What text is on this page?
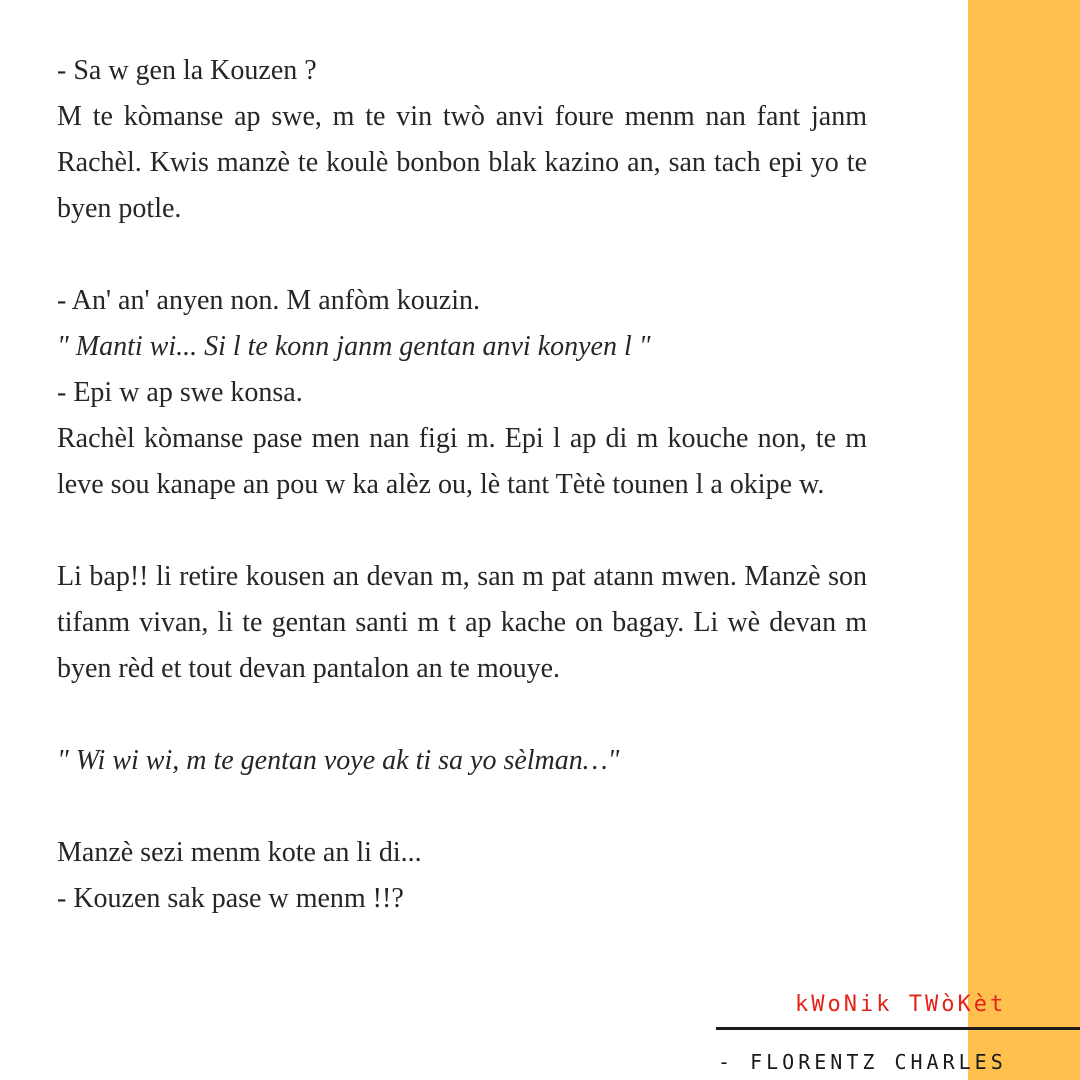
- Sa w gen la Kouzen ?

M te kòmanse ap swe, m te vin twò anvi foure menm nan fant janm Rachèl. Kwis manzè te koulè bonbon blak kazino an, san tach epi yo te byen potle.

- An' an' anyen non. M anfòm kouzin.

" Manti wi... Si l te konn janm gentan anvi konyen l "

- Epi w ap swe konsa.

Rachèl kòmanse pase men nan figi m. Epi l ap di m kouche non, te m leve sou kanape an pou w ka alèz ou, lè tant Tètè tounen l a okipe w.

Li bap!! li retire kousen an devan m, san m pat atann mwen. Manzè son tifanm vivan, li te gentan santi m t ap kache on bagay. Li wè devan m byen rèd et tout devan pantalon an te mouye.

" Wi wi wi, m te gentan voye ak ti sa yo sèlman…"

Manzè sezi menm kote an li di...

- Kouzen sak pase w menm !!?

kWoNik TWòKèt
- FLORENTZ CHARLES
